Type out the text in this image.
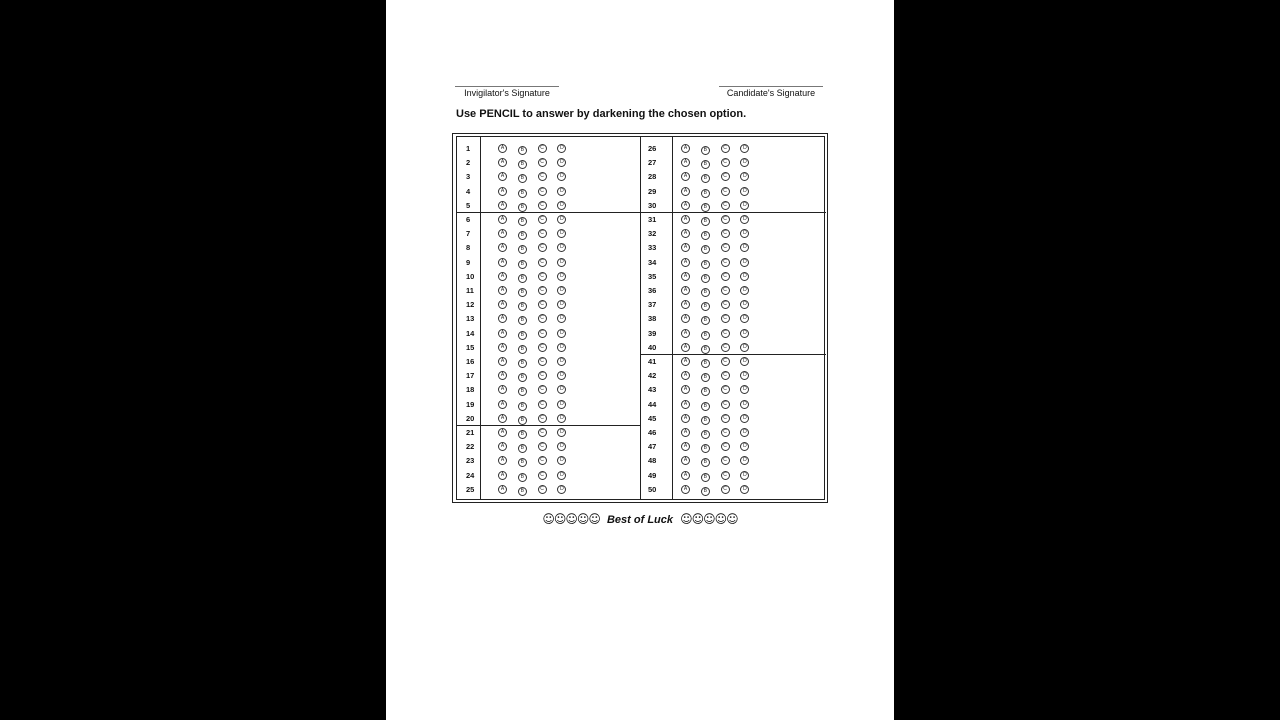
Invigilator's Signature	Candidate's Signature
Use PENCIL to answer by darkening the chosen option.
1	A	B	C	D
2	A	B	C	D
3	A	B	C	D
4	A	B	C	D
5	A	B	C	D
6	A	B	C	D
7	A	B	C	D
8	A	B	C	D
9	A	B	C	D
10	A	B	C	D
11	A	B	C	D
12	A	B	C	D
13	A	B	C	D
14	A	B	C	D
15	A	B	C	D
16	A	B	C	D
17	A	B	C	D
18	A	B	C	D
19	A	B	C	D
20	A	B	C	D
21	A	B	C	D
22	A	B	C	D
23	A	B	C	D
24	A	B	C	D
25	A	B	C	D
26	A	B	C	D
27	A	B	C	D
28	A	B	C	D
29	A	B	C	D
30	A	B	C	D
31	A	B	C	D
32	A	B	C	D
33	A	B	C	D
34	A	B	C	D
35	A	B	C	D
36	A	B	C	D
37	A	B	C	D
38	A	B	C	D
39	A	B	C	D
40	A	B	C	D
41	A	B	C	D
42	A	B	C	D
43	A	B	C	D
44	A	B	C	D
45	A	B	C	D
46	A	B	C	D
47	A	B	C	D
48	A	B	C	D
49	A	B	C	D
50	A	B	C	D
☺☺☺☺☺ Best of Luck ☺☺☺☺☺
